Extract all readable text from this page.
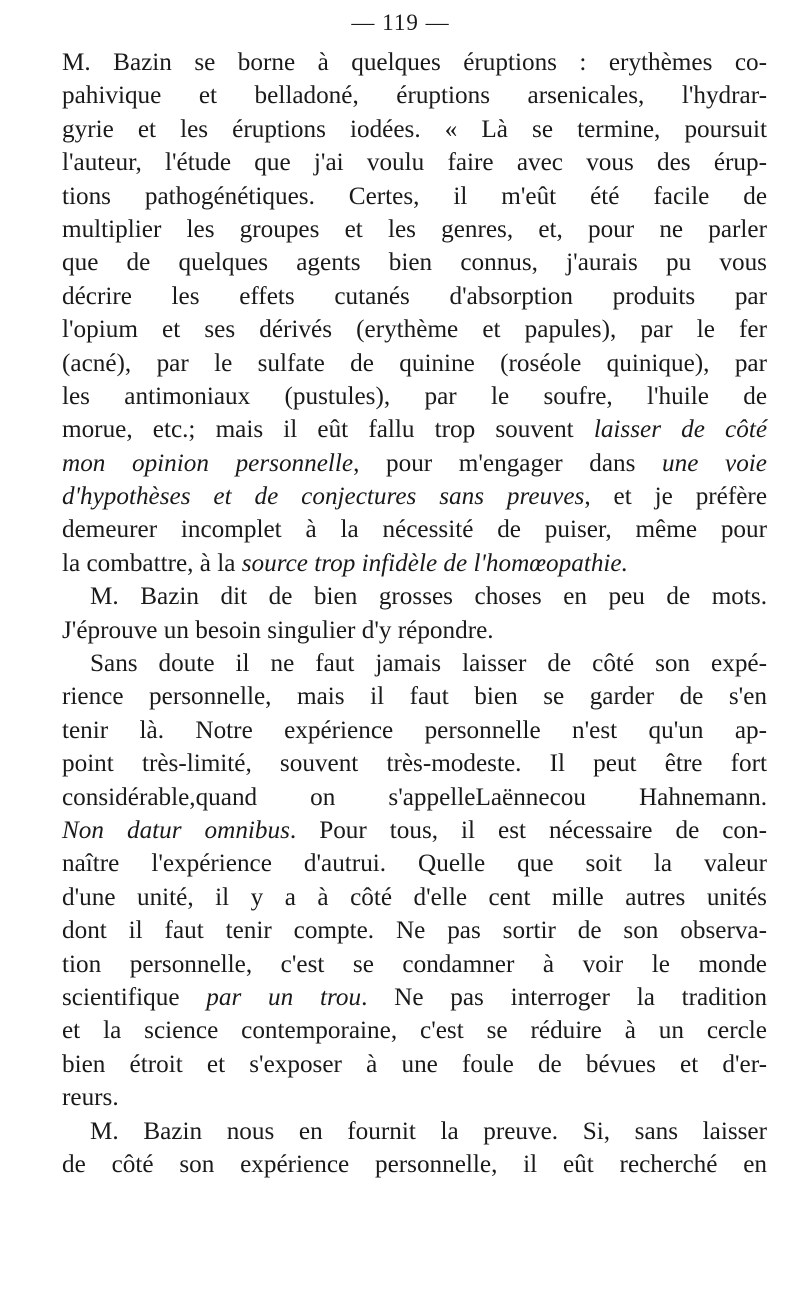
— 119 —
M. Bazin se borne à quelques éruptions : erythèmes co-
pahivique et belladoné, éruptions arsenicales, l'hydrar-
gyrie et les éruptions iodées. « Là se termine, poursuit
l'auteur, l'étude que j'ai voulu faire avec vous des érup-
tions pathogénétiques. Certes, il m'eût été facile de
multiplier les groupes et les genres, et, pour ne parler
que de quelques agents bien connus, j'aurais pu vous
décrire les effets cutanés d'absorption produits par
l'opium et ses dérivés (erythème et papules), par le fer
(acné), par le sulfate de quinine (roséole quinique), par
les antimoniaux (pustules), par le soufre, l'huile de
morue, etc.; mais il eût fallu trop souvent laisser de côté
mon opinion personnelle, pour m'engager dans une voie
d'hypothèses et de conjectures sans preuves, et je préfère
demeurer incomplet à la nécessité de puiser, même pour
la combattre, à la source trop infidèle de l'homœopathie.
M. Bazin dit de bien grosses choses en peu de mots.
J'éprouve un besoin singulier d'y répondre.
Sans doute il ne faut jamais laisser de côté son expé-
rience personnelle, mais il faut bien se garder de s'en
tenir là. Notre expérience personnelle n'est qu'un ap-
point très-limité, souvent très-modeste. Il peut être fort
considérable,quand on s'appelleLaënnecou Hahnemann.
Non datur omnibus. Pour tous, il est nécessaire de con-
naître l'expérience d'autrui. Quelle que soit la valeur
d'une unité, il y a à côté d'elle cent mille autres unités
dont il faut tenir compte. Ne pas sortir de son observa-
tion personnelle, c'est se condamner à voir le monde
scientifique par un trou. Ne pas interroger la tradition
et la science contemporaine, c'est se réduire à un cercle
bien étroit et s'exposer à une foule de bévues et d'er-
reurs.
M. Bazin nous en fournit la preuve. Si, sans laisser
de côté son expérience personnelle, il eût recherché en
